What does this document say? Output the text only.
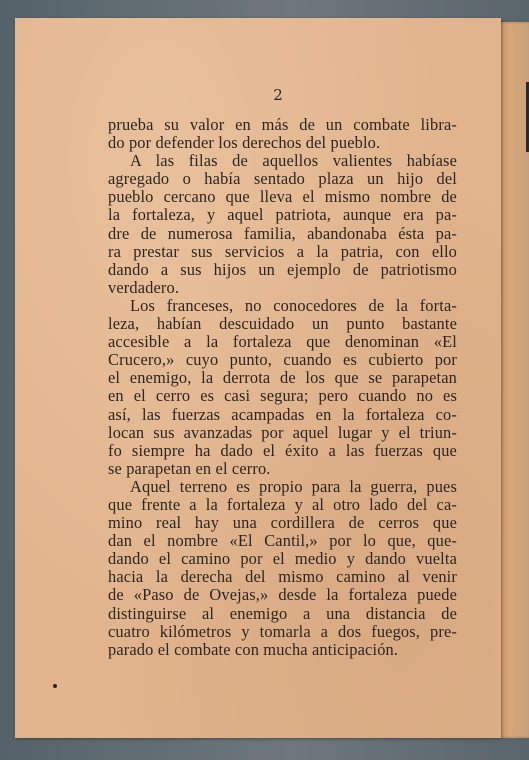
2
prueba su valor en más de un combate libra-
do por defender los derechos del pueblo.
A las filas de aquellos valientes habíase
agregado o había sentado plaza un hijo del
pueblo cercano que lleva el mismo nombre de
la fortaleza, y aquel patriota, aunque era pa-
dre de numerosa familia, abandonaba ésta pa-
ra prestar sus servicios a la patria, con ello
dando a sus hijos un ejemplo de patriotismo
verdadero.
Los franceses, no conocedores de la forta-
leza, habían descuidado un punto bastante
accesible a la fortaleza que denominan «El
Crucero,» cuyo punto, cuando es cubierto por
el enemigo, la derrota de los que se parapetan
en el cerro es casi segura; pero cuando no es
así, las fuerzas acampadas en la fortaleza co-
locan sus avanzadas por aquel lugar y el triun-
fo siempre ha dado el éxito a las fuerzas que
se parapetan en el cerro.
Aquel terreno es propio para la guerra, pues
que frente a la fortaleza y al otro lado del ca-
mino real hay una cordillera de cerros que
dan el nombre «El Cantil,» por lo que, que-
dando el camino por el medio y dando vuelta
hacia la derecha del mismo camino al venir
de «Paso de Ovejas,» desde la fortaleza puede
distinguirse al enemigo a una distancia de
cuatro kilómetros y tomarla a dos fuegos, pre-
parado el combate con mucha anticipación.
